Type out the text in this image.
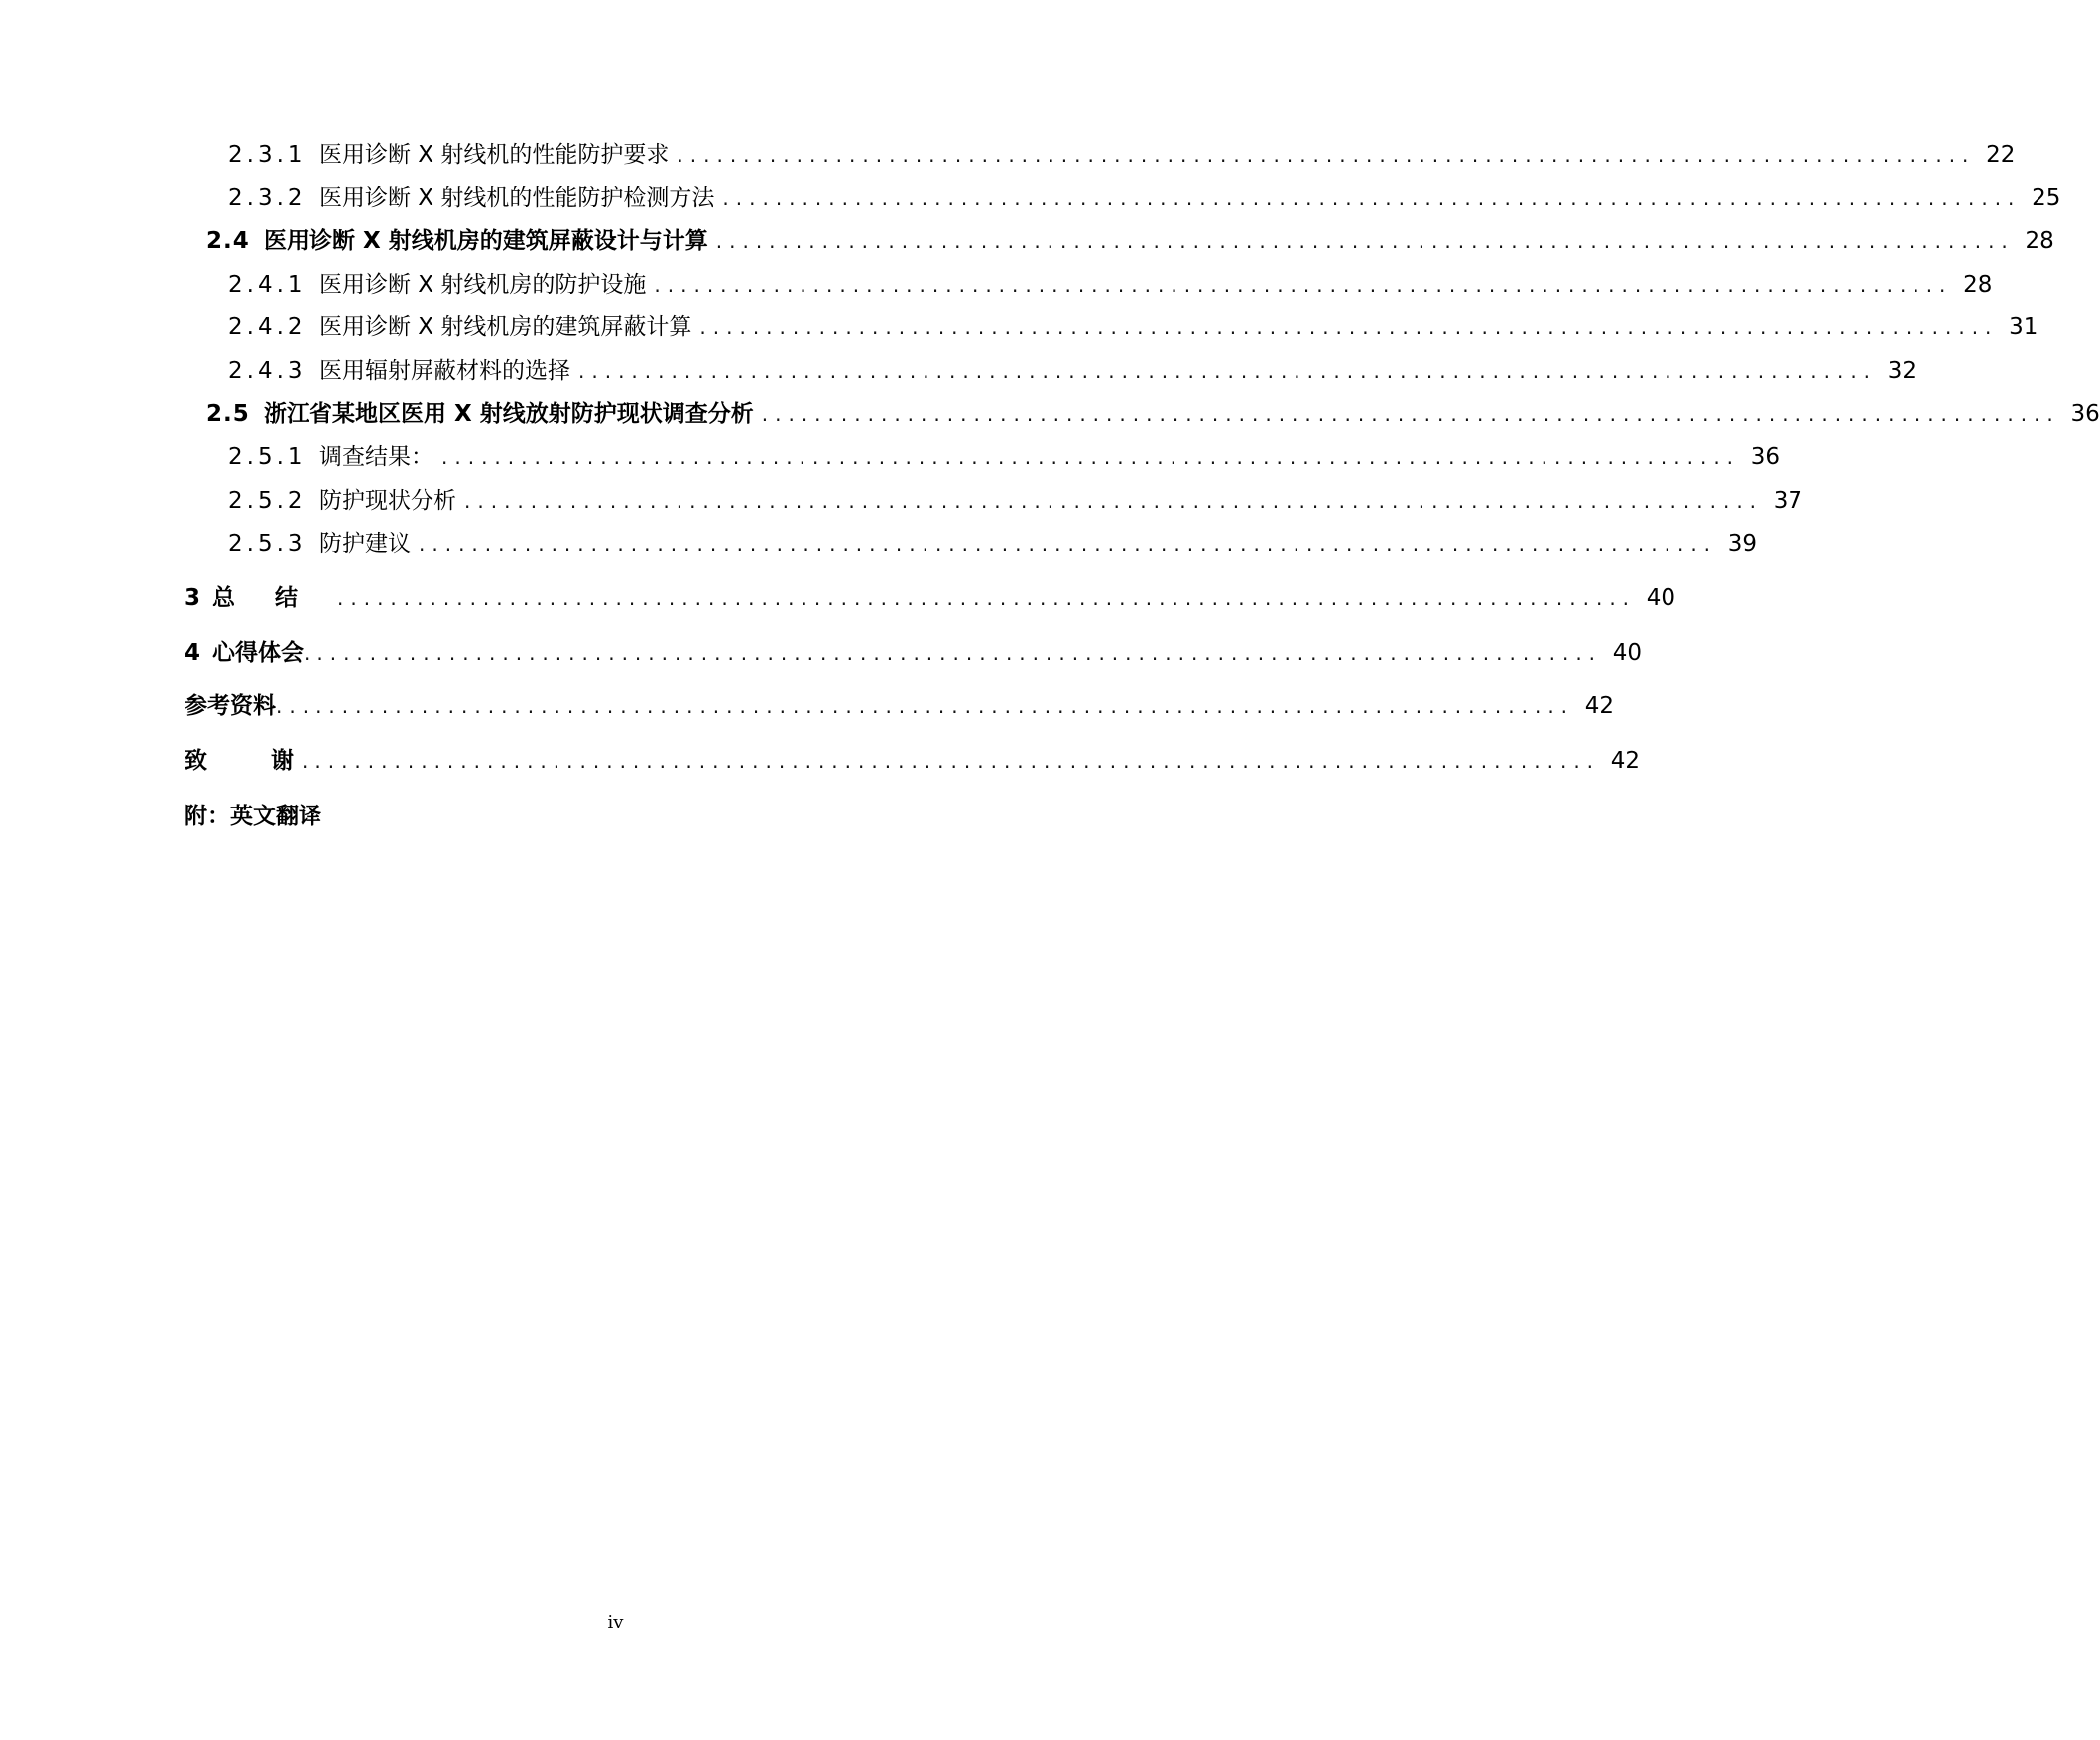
2.3.1 医用诊断 X 射线机的性能防护要求 .................................................................................................. 22
2.3.2 医用诊断 X 射线机的性能防护检测方法 .................................................................................................. 25
2.4 医用诊断 X 射线机房的建筑屏蔽设计与计算 .................................................................................................. 28
2.4.1 医用诊断 X 射线机房的防护设施 .................................................................................................. 28
2.4.2 医用诊断 X 射线机房的建筑屏蔽计算 .................................................................................................. 31
2.4.3 医用辐射屏蔽材料的选择 .................................................................................................. 32
2.5 浙江省某地区医用 X 射线放射防护现状调查分析 .................................................................................................. 36
2.5.1 调查结果： .................................................................................................. 36
2.5.2 防护现状分析 .................................................................................................. 37
2.5.3 防护建议 .................................................................................................. 39
3 总结 .................................................................................................. 40
4 心得体会 .................................................................................................. 40
参考资料 .................................................................................................. 42
致谢
.................................................................................................. 42
附：英文翻译
iv
